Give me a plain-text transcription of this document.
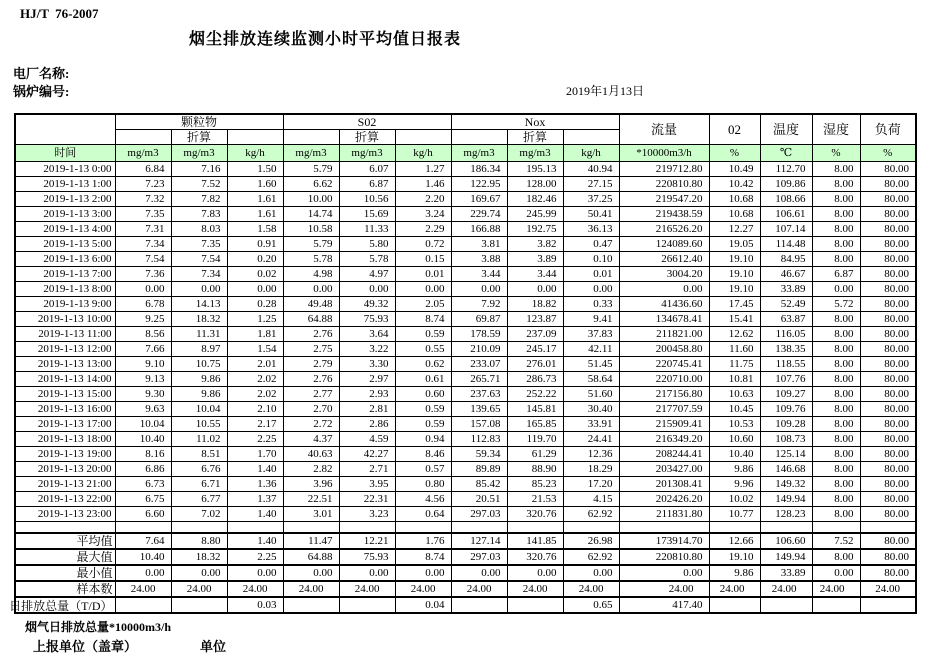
HJ/T  76-2007
烟尘排放连续监测小时平均值日报表
电厂名称:
锅炉编号:	2019年1月13日
	颗粒物			S02			Nox			流量	02	温度	湿度	负荷
		折算			折算			折算						
时间	mg/m3	mg/m3	kg/h	mg/m3	mg/m3	kg/h	mg/m3	mg/m3	kg/h	*10000m3/h	%	℃	%	%
2019-1-13 0:00	6.84	7.16	1.50	5.79	6.07	1.27	186.34	195.13	40.94	219712.80	10.49	112.70	8.00	80.00
2019-1-13 1:00	7.23	7.52	1.60	6.62	6.87	1.46	122.95	128.00	27.15	220810.80	10.42	109.86	8.00	80.00
2019-1-13 2:00	7.32	7.82	1.61	10.00	10.56	2.20	169.67	182.46	37.25	219547.20	10.68	108.66	8.00	80.00
2019-1-13 3:00	7.35	7.83	1.61	14.74	15.69	3.24	229.74	245.99	50.41	219438.59	10.68	106.61	8.00	80.00
2019-1-13 4:00	7.31	8.03	1.58	10.58	11.33	2.29	166.88	192.75	36.13	216526.20	12.27	107.14	8.00	80.00
2019-1-13 5:00	7.34	7.35	0.91	5.79	5.80	0.72	3.81	3.82	0.47	124089.60	19.05	114.48	8.00	80.00
2019-1-13 6:00	7.54	7.54	0.20	5.78	5.78	0.15	3.88	3.89	0.10	26612.40	19.10	84.95	8.00	80.00
2019-1-13 7:00	7.36	7.34	0.02	4.98	4.97	0.01	3.44	3.44	0.01	3004.20	19.10	46.67	6.87	80.00
2019-1-13 8:00	0.00	0.00	0.00	0.00	0.00	0.00	0.00	0.00	0.00	0.00	19.10	33.89	0.00	80.00
2019-1-13 9:00	6.78	14.13	0.28	49.48	49.32	2.05	7.92	18.82	0.33	41436.60	17.45	52.49	5.72	80.00
2019-1-13 10:00	9.25	18.32	1.25	64.88	75.93	8.74	69.87	123.87	9.41	134678.41	15.41	63.87	8.00	80.00
2019-1-13 11:00	8.56	11.31	1.81	2.76	3.64	0.59	178.59	237.09	37.83	211821.00	12.62	116.05	8.00	80.00
2019-1-13 12:00	7.66	8.97	1.54	2.75	3.22	0.55	210.09	245.17	42.11	200458.80	11.60	138.35	8.00	80.00
2019-1-13 13:00	9.10	10.75	2.01	2.79	3.30	0.62	233.07	276.01	51.45	220745.41	11.75	118.55	8.00	80.00
2019-1-13 14:00	9.13	9.86	2.02	2.76	2.97	0.61	265.71	286.73	58.64	220710.00	10.81	107.76	8.00	80.00
2019-1-13 15:00	9.30	9.86	2.02	2.77	2.93	0.60	237.63	252.22	51.60	217156.80	10.63	109.27	8.00	80.00
2019-1-13 16:00	9.63	10.04	2.10	2.70	2.81	0.59	139.65	145.81	30.40	217707.59	10.45	109.76	8.00	80.00
2019-1-13 17:00	10.04	10.55	2.17	2.72	2.86	0.59	157.08	165.85	33.91	215909.41	10.53	109.28	8.00	80.00
2019-1-13 18:00	10.40	11.02	2.25	4.37	4.59	0.94	112.83	119.70	24.41	216349.20	10.60	108.73	8.00	80.00
2019-1-13 19:00	8.16	8.51	1.70	40.63	42.27	8.46	59.34	61.29	12.36	208244.41	10.40	125.14	8.00	80.00
2019-1-13 20:00	6.86	6.76	1.40	2.82	2.71	0.57	89.89	88.90	18.29	203427.00	9.86	146.68	8.00	80.00
2019-1-13 21:00	6.73	6.71	1.36	3.96	3.95	0.80	85.42	85.23	17.20	201308.41	9.96	149.32	8.00	80.00
2019-1-13 22:00	6.75	6.77	1.37	22.51	22.31	4.56	20.51	21.53	4.15	202426.20	10.02	149.94	8.00	80.00
2019-1-13 23:00	6.60	7.02	1.40	3.01	3.23	0.64	297.03	320.76	62.92	211831.80	10.77	128.23	8.00	80.00

平均值	7.64	8.80	1.40	11.47	12.21	1.76	127.14	141.85	26.98	173914.70	12.66	106.60	7.52	80.00
最大值	10.40	18.32	2.25	64.88	75.93	8.74	297.03	320.76	62.92	220810.80	19.10	149.94	8.00	80.00
最小值	0.00	0.00	0.00	0.00	0.00	0.00	0.00	0.00	0.00	0.00	9.86	33.89	0.00	80.00
样本数	24.00	24.00	24.00	24.00	24.00	24.00	24.00	24.00	24.00	24.00	24.00	24.00	24.00	24.00

日排放总量（T/D）			0.03			0.04			0.65	417.40				
烟气日排放总量*10000m3/h
上报单位（盖章）	单位
